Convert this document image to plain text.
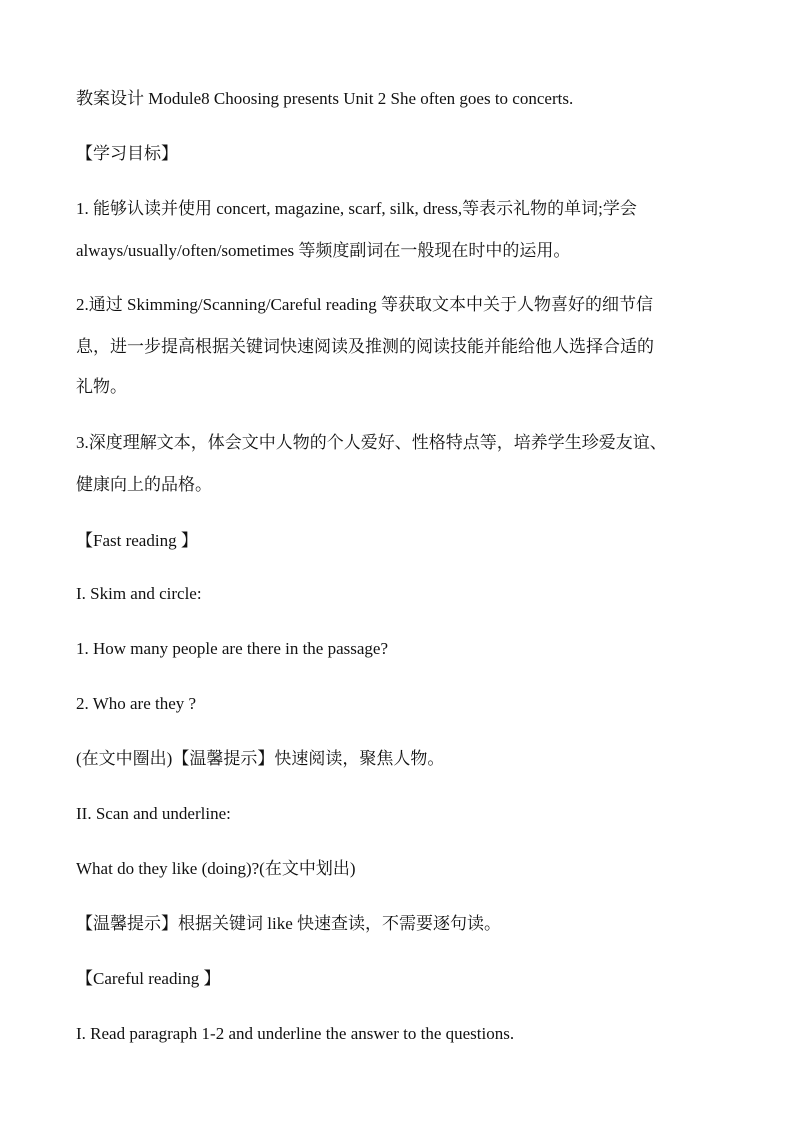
教案设计 Module8 Choosing presents Unit 2 She often goes to concerts.
【学习目标】
1. 能够认读并使用 concert, magazine, scarf, silk, dress,等表示礼物的单词;学会
always/usually/often/sometimes 等频度副词在一般现在时中的运用。
2.通过 Skimming/Scanning/Careful reading 等获取文本中关于人物喜好的细节信
息，进一步提高根据关键词快速阅读及推测的阅读技能并能给他人选择合适的
礼物。
3.深度理解文本，体会文中人物的个人爱好、性格特点等，培养学生珍爱友谊、
健康向上的品格。
【Fast reading 】
I. Skim and circle:
1. How many people are there in the passage?
2. Who are they ?
(在文中圈出)【温馨提示】快速阅读，聚焦人物。
II. Scan and underline:
What do they like (doing)?(在文中划出)
【温馨提示】根据关键词 like 快速查读，不需要逐句读。
【Careful reading 】
I. Read paragraph 1-2 and underline the answer to the questions.
